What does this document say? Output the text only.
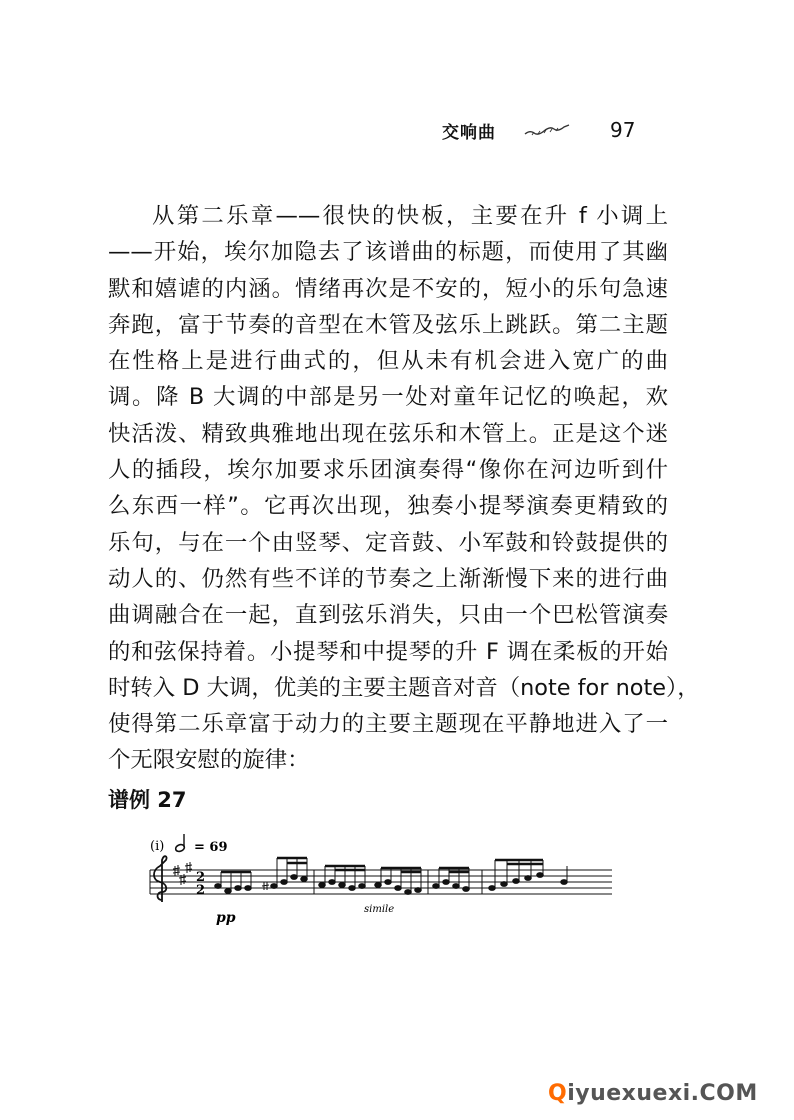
交响曲	97
从第二乐章——很快的快板，主要在升 f 小调上
——开始，埃尔加隐去了该谱曲的标题，而使用了其幽
默和嬉谑的内涵。情绪再次是不安的，短小的乐句急速
奔跑，富于节奏的音型在木管及弦乐上跳跃。第二主题
在性格上是进行曲式的，但从未有机会进入宽广的曲
调。降 B 大调的中部是另一处对童年记忆的唤起，欢
快活泼、精致典雅地出现在弦乐和木管上。正是这个迷
人的插段，埃尔加要求乐团演奏得“像你在河边听到什
么东西一样”。它再次出现，独奏小提琴演奏更精致的
乐句，与在一个由竖琴、定音鼓、小军鼓和铃鼓提供的
动人的、仍然有些不详的节奏之上渐渐慢下来的进行曲
曲调融合在一起，直到弦乐消失，只由一个巴松管演奏
的和弦保持着。小提琴和中提琴的升 F 调在柔板的开始
时转入 D 大调，优美的主要主题音对音（note for note），
使得第二乐章富于动力的主要主题现在平静地进入了一
个无限安慰的旋律：

谱例 27

(i) = 69
2
2
pp
simile
Q iyuexuexi.COM
